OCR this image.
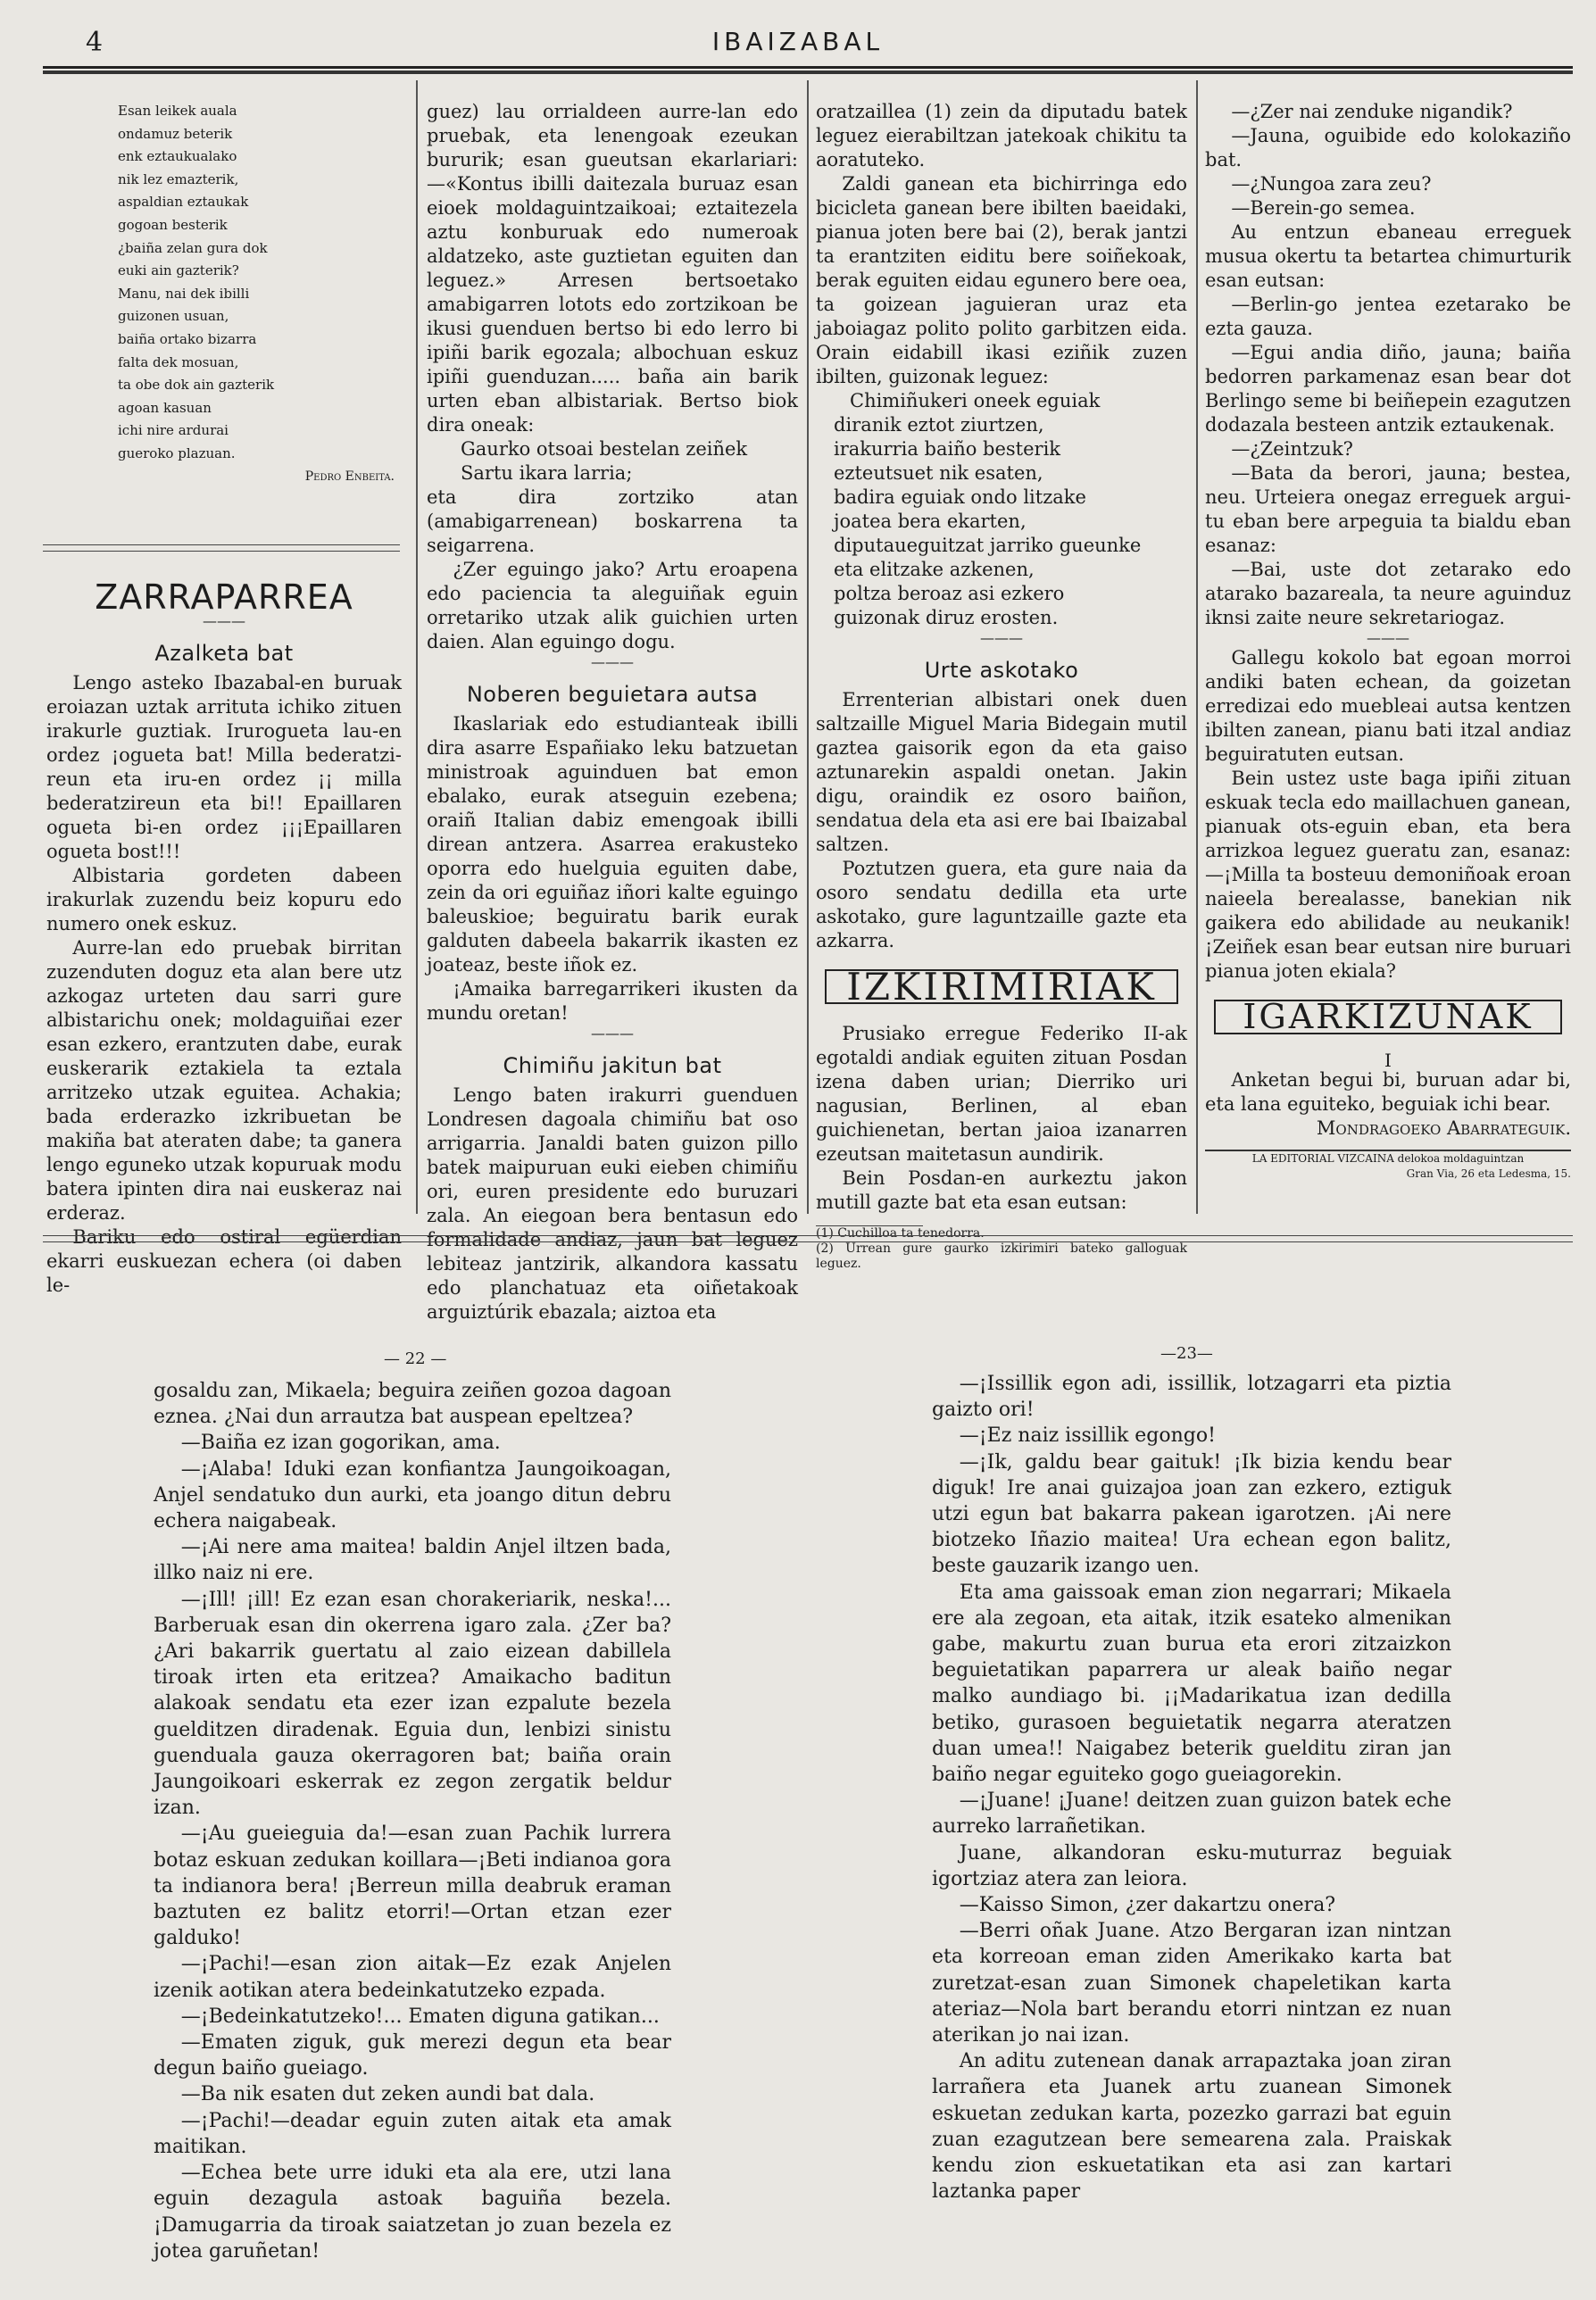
4	IBAIZABAL

Esan leikek auala

ondamuz beterik

enk eztaukualako

nik lez emazterik,

aspaldian eztaukak

gogoan besterik

¿baiña zelan gura dok

euki ain gazterik?

Manu, nai dek ibilli

guizonen usuan,

baiña ortako bizarra

falta dek mosuan,

ta obe dok ain gazterik

agoan kasuan

ichi nire ardurai

gueroko plazuan.

Pedro Enbeita.

ZARRAPARREA

———

Azalketa bat

Lengo asteko Ibazabal-en buruak eroiazan uztak arrituta ichiko zituen irakurle guztiak. Irurogueta lau-en ordez ¡ogueta bat! Milla bederatzi-reun eta iru-en ordez ¡¡ milla bederatzireun eta bi!! Epaillaren ogueta bi-en ordez ¡¡¡Epaillaren ogueta bost!!!

Albistaria gordeten dabeen irakurlak zuzendu beiz kopuru edo numero onek eskuz.

Aurre-lan edo pruebak birritan zuzenduten doguz eta alan bere utz azkogaz urteten dau sarri gure albistarichu onek; moldaguiñai ezer esan ezkero, erantzuten dabe, eurak euskerarik eztakiela ta eztala arritzeko utzak eguitea. Achakia; bada erderazko izkribuetan be makiña bat ateraten dabe; ta ganera lengo eguneko utzak kopuruak modu batera ipinten dira nai euskeraz nai erderaz.

Bariku edo ostiral egüerdian ekarri euskuezan echera (oi daben le-

guez) lau orrialdeen aurre-lan edo pruebak, eta lenengoak ezeukan bururik; esan gueutsan ekarlariari: —«Kontus ibilli daitezala buruaz esan eioek moldaguintzaikoai; eztaitezela aztu konburuak edo numeroak aldatzeko, aste guztietan eguiten dan leguez.» Arresen bertsoetako amabigarren lotots edo zortzikoan be ikusi guenduen bertso bi edo lerro bi ipiñi barik egozala; albochuan eskuz ipiñi guenduzan..... baña ain barik urten eban albistariak. Bertso biok dira oneak:

Gaurko otsoai bestelan zeiñek

Sartu ikara larria;

eta dira zortziko atan (amabigarrenean) boskarrena ta seigarrena.

¿Zer eguingo jako? Artu eroapena edo paciencia ta aleguiñak eguin orretariko utzak alik guichien urten daien. Alan eguingo dogu.

———

Noberen beguietara autsa

Ikaslariak edo estudianteak ibilli dira asarre Españiako leku batzuetan ministroak aguinduen bat emon ebalako, eurak atseguin ezebena; oraiñ Italian dabiz emengoak ibilli direan antzera. Asarrea erakusteko oporra edo huelguia eguiten dabe, zein da ori eguiñaz iñori kalte eguingo baleuskioe; beguiratu barik eurak galduten dabeela bakarrik ikasten ez joateaz, beste iñok ez.

¡Amaika barregarrikeri ikusten da mundu oretan!

———

Chimiñu jakitun bat

Lengo baten irakurri guenduen Londresen dagoala chimiñu bat oso arrigarria. Janaldi baten guizon pillo batek maipuruan euki eieben chimiñu ori, euren presidente edo buruzari zala. An eiegoan bera bentasun edo formalidade andiaz, jaun bat leguez lebiteaz jantzirik, alkandora kassatu edo planchatuaz eta oiñetakoak arguiztúrik ebazala; aiztoa eta

oratzaillea (1) zein da diputadu batek leguez eierabiltzan jatekoak chikitu ta aoratuteko.

Zaldi ganean eta bichirringa edo bicicleta ganean bere ibilten baeidaki, pianua joten bere bai (2), berak jantzi ta erantziten eiditu bere soiñekoak, berak eguiten eidau egunero bere oea, ta goizean jaguieran uraz eta jaboiagaz polito polito garbitzen eida. Orain eidabill ikasi eziñik zuzen ibilten, guizonak leguez:

Chimiñukeri oneek eguiak

diranik eztot ziurtzen,

irakurria baiño besterik

ezteutsuet nik esaten,

badira eguiak ondo litzake

joatea bera ekarten,

diputaueguitzat jarriko gueunke

eta elitzake azkenen,

poltza beroaz asi ezkero

guizonak diruz erosten.

———

Urte askotako

Errenterian albistari onek duen saltzaille Miguel Maria Bidegain mutil gaztea gaisorik egon da eta gaiso aztunarekin aspaldi onetan. Jakin digu, oraindik ez osoro baiñon, sendatua dela eta asi ere bai Ibaizabal saltzen.

Poztutzen guera, eta gure naia da osoro sendatu dedilla eta urte askotako, gure laguntzaille gazte eta azkarra.

IZKIRIMIRIAK

Prusiako erregue Federiko II-ak egotaldi andiak eguiten zituan Posdan izena daben urian; Dierriko uri nagusian, Berlinen, al eban guichienetan, bertan jaioa izanarren ezeutsan maitetasun aundirik.

Bein Posdan-en aurkeztu jakon mutill gazte bat eta esan eutsan:

(1) Cuchilloa ta tenedorra.

(2) Urrean gure gaurko izkirimiri bateko galloguak leguez.

—¿Zer nai zenduke nigandik?

—Jauna, oguibide edo kolokaziño bat.

—¿Nungoa zara zeu?

—Berein-go semea.

Au entzun ebaneau erreguek musua okertu ta betartea chimurturik esan eutsan:

—Berlin-go jentea ezetarako be ezta gauza.

—Egui andia diño, jauna; baiña bedorren parkamenaz esan bear dot Berlingo seme bi beiñepein ezagutzen dodazala besteen antzik eztaukenak.

—¿Zeintzuk?

—Bata da berori, jauna; bestea, neu. Urteiera onegaz erreguek argui-tu eban bere arpeguia ta bialdu eban esanaz:

—Bai, uste dot zetarako edo atarako bazareala, ta neure aguinduz iknsi zaite neure sekretariogaz.

———

Gallegu kokolo bat egoan morroi andiki baten echean, da goizetan erredizai edo muebleai autsa kentzen ibilten zanean, pianu bati itzal andiaz beguiratuten eutsan.

Bein ustez uste baga ipiñi zituan eskuak tecla edo maillachuen ganean, pianuak ots-eguin eban, eta bera arrizkoa leguez gueratu zan, esanaz: —¡Milla ta bosteuu demoniñoak eroan naieela berealasse, banekian nik gaikera edo abilidade au neukanik! ¡Zeiñek esan bear eutsan nire buruari pianua joten ekiala?

IGARKIZUNAK

I

Anketan begui bi, buruan adar bi, eta lana eguiteko, beguiak ichi bear.

Mondragoeko Abarrateguik.

LA EDITORIAL VIZCAINA delokoa moldaguintzan

Gran Via, 26 eta Ledesma, 15.

— 22 —	—23—

gosaldu zan, Mikaela; beguira zeiñen gozoa dagoan eznea. ¿Nai dun arrautza bat auspean epeltzea?

—Baiña ez izan gogorikan, ama.

—¡Alaba! Iduki ezan konfiantza Jaungoikoagan, Anjel sendatuko dun aurki, eta joango ditun debru echera naigabeak.

—¡Ai nere ama maitea! baldin Anjel iltzen bada, illko naiz ni ere.

—¡Ill! ¡ill! Ez ezan esan chorakeriarik, neska!... Barberuak esan din okerrena igaro zala. ¿Zer ba? ¿Ari bakarrik guertatu al zaio eizean dabillela tiroak irten eta eritzea? Amaikacho baditun alakoak sendatu eta ezer izan ezpalute bezela guelditzen diradenak. Eguia dun, lenbizi sinistu guenduala gauza okerragoren bat; baiña orain Jaungoikoari eskerrak ez zegon zergatik beldur izan.

—¡Au gueieguia da!—esan zuan Pachik lurrera botaz eskuan zedukan koillara—¡Beti indianoa gora ta indianora bera! ¡Berreun milla deabruk eraman baztuten ez balitz etorri!—Ortan etzan ezer galduko!

—¡Pachi!—esan zion aitak—Ez ezak Anjelen izenik aotikan atera bedeinkatutzeko ezpada.

—¡Bedeinkatutzeko!... Ematen diguna gatikan...

—Ematen ziguk, guk merezi degun eta bear degun baiño gueiago.

—Ba nik esaten dut zeken aundi bat dala.

—¡Pachi!—deadar eguin zuten aitak eta amak maitikan.

—Echea bete urre iduki eta ala ere, utzi lana eguin dezagula astoak baguiña bezela. ¡Damugarria da tiroak saiatzetan jo zuan bezela ez jotea garuñetan!

—¡Issillik egon adi, issillik, lotzagarri eta piztia gaizto ori!

—¡Ez naiz issillik egongo!

—¡Ik, galdu bear gaituk! ¡Ik bizia kendu bear diguk! Ire anai guizajoa joan zan ezkero, eztiguk utzi egun bat bakarra pakean igarotzen. ¡Ai nere biotzeko Iñazio maitea! Ura echean egon balitz, beste gauzarik izango uen.

Eta ama gaissoak eman zion negarrari; Mikaela ere ala zegoan, eta aitak, itzik esateko almenikan gabe, makurtu zuan burua eta erori zitzaizkon beguietatikan paparrera ur aleak baiño negar malko aundiago bi. ¡¡Madarikatua izan dedilla betiko, gurasoen beguietatik negarra ateratzen duan umea!! Naigabez beterik guelditu ziran jan baiño negar eguiteko gogo gueiagorekin.

—¡Juane! ¡Juane! deitzen zuan guizon batek eche aurreko larrañetikan.

Juane, alkandoran esku-muturraz beguiak igortziaz atera zan leiora.

—Kaisso Simon, ¿zer dakartzu onera?

—Berri oñak Juane. Atzo Bergaran izan nintzan eta korreoan eman ziden Amerikako karta bat zuretzat-esan zuan Simonek chapeletikan karta ateriaz—Nola bart berandu etorri nintzan ez nuan aterikan jo nai izan.

An aditu zutenean danak arrapaztaka joan ziran larrañera eta Juanek artu zuanean Simonek eskuetan zedukan karta, pozezko garrazi bat eguin zuan ezagutzean bere semearena zala. Praiskak kendu zion eskuetatikan eta asi zan kartari laztanka paper
